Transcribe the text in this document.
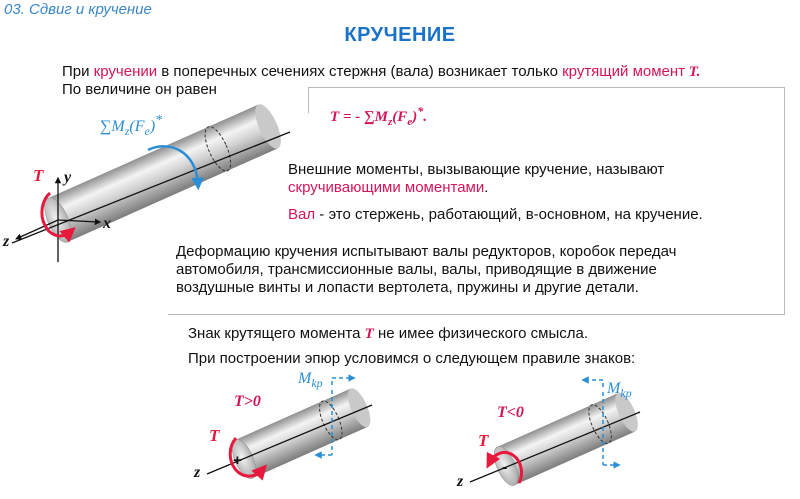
03. Сдвиг и кручение
КРУЧЕНИЕ
При кручении в поперечных сечениях стержня (вала) возникает только крутящий момент T.
По величине он равен
T = - $\sum M_z(F_e)^*$.
Внешние моменты, вызывающие кручение, называют
скручивающими моментами.
Вал - это стержень, работающий, в-основном, на кручение.
Деформацию кручения испытывают валы редукторов, коробок передач
автомобиля, трансмиссионные валы, валы, приводящие в движение
воздушные винты и лопасти вертолета, пружины и другие детали.
Знак крутящего момента T не имее физического смысла.
При построении эпюр условимся о следующем правиле знаков:
T y
x
z
$\sum M_z(F_e)*$
T>0
T
z
+
$M_{kp}$
T<0
T
z
-
$M_{kp}$
